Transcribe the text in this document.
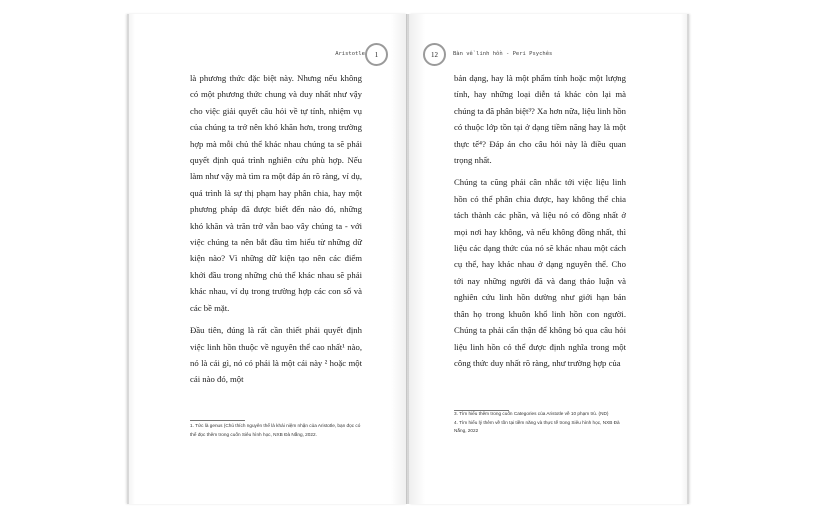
Aristotle	1

là phương thức đặc biệt này. Nhưng nếu không có một phương thức chung và duy nhất như vậy cho việc giải quyết câu hỏi về tự tính, nhiệm vụ của chúng ta trở nên khó khăn hơn, trong trường hợp mà mỗi chủ thể khác nhau chúng ta sẽ phải quyết định quá trình nghiên cứu phù hợp. Nếu làm như vậy mà tìm ra một đáp án rõ ràng, ví dụ, quá trình là sự thị phạm hay phân chia, hay một phương pháp đã được biết đến nào đó, những khó khăn và trăn trở vẫn bao vây chúng ta - với việc chúng ta nên bắt đầu tìm hiểu từ những dữ kiện nào? Vì những dữ kiện tạo nên các điểm khởi đầu trong những chủ thể khác nhau sẽ phải khác nhau, ví dụ trong trường hợp các con số và các bề mặt.

Đầu tiên, đúng là rất cần thiết phải quyết định việc linh hồn thuộc về nguyên thể cao nhất¹ nào, nó là cái gì, nó có phải là một cái này ² hoặc một cái nào đó, một

1. Tức là genus (Chú thích nguyên thể là khái niệm nhận của Aristotle, bạn đọc có thể đọc thêm trong cuốn Siêu hình học, NXB Đà Nẵng, 2022.
12	Bàn về linh hồn - Peri Psychês

bản dạng, hay là một phẩm tính hoặc một lượng tính, hay những loại diễn tả khác còn lại mà chúng ta đã phân biệt³? Xa hơn nữa, liệu linh hồn có thuộc lớp tồn tại ở dạng tiềm năng hay là một thực tế⁴? Đáp án cho câu hỏi này là điều quan trọng nhất.

Chúng ta cũng phải cân nhắc tới việc liệu linh hồn có thể phân chia được, hay không thể chia tách thành các phần, và liệu nó có đồng nhất ở mọi nơi hay không, và nếu không đồng nhất, thì liệu các dạng thức của nó sẽ khác nhau một cách cụ thể, hay khác nhau ở dạng nguyên thể. Cho tới nay những người đã và đang thảo luận và nghiên cứu linh hồn dường như giới hạn bản thân họ trong khuôn khổ linh hồn con người. Chúng ta phải cẩn thận để không bỏ qua câu hỏi liệu linh hồn có thể được định nghĩa trong một công thức duy nhất rõ ràng, như trường hợp của

3. Tìm hiểu thêm trong cuốn Categories của Aristotle về 10 phạm trù. (ND)
4. Tìm hiểu lý thêm về tồn tại tiềm năng và thực tế trong Siêu hình học, NXB Đà Nẵng, 2022
